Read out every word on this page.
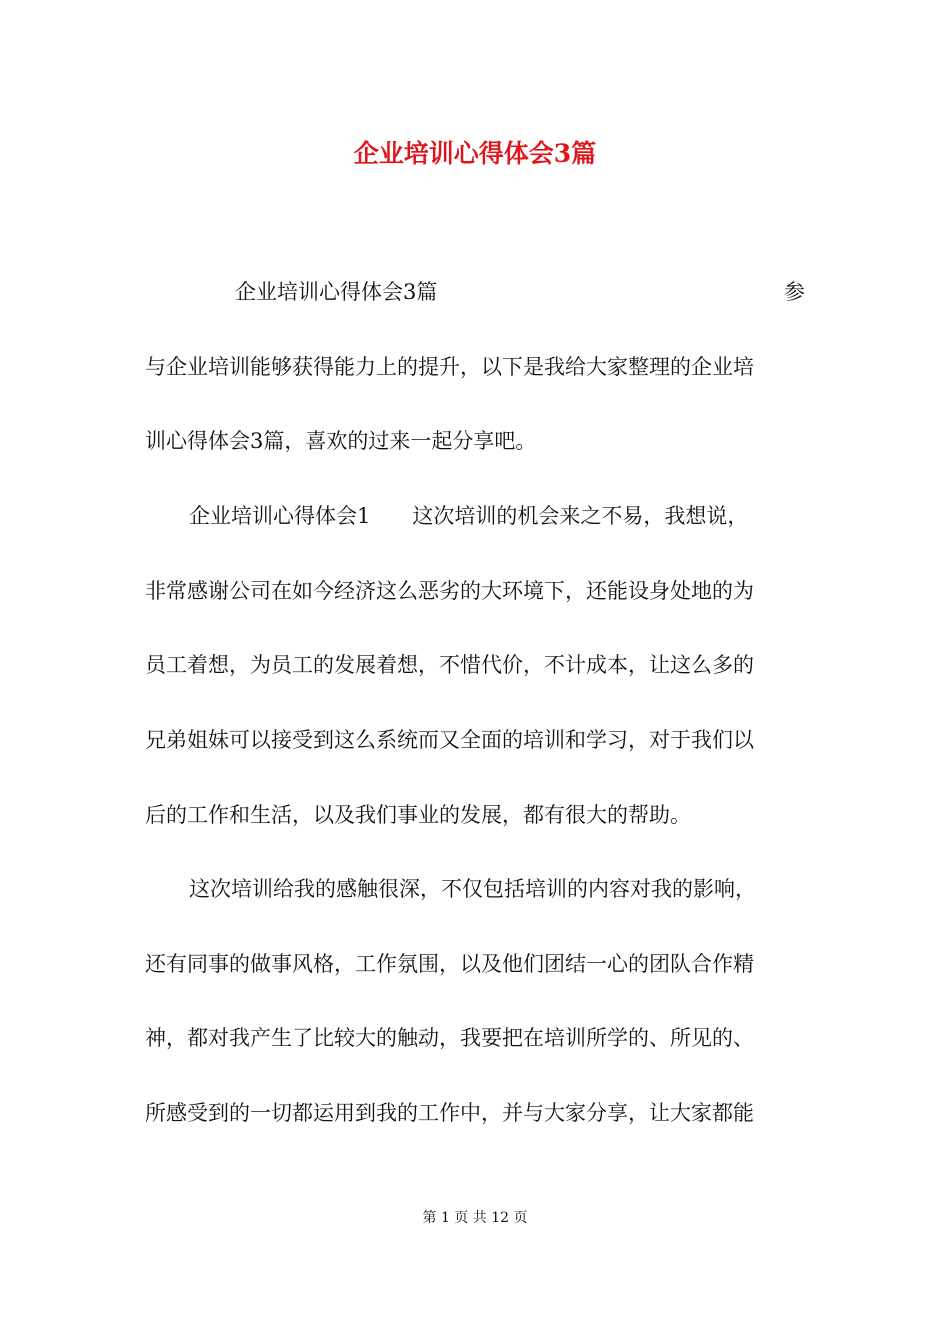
企业培训心得体会3篇
企业培训心得体会3篇	参
与企业培训能够获得能力上的提升，以下是我给大家整理的企业培
训心得体会3篇，喜欢的过来一起分享吧。
企业培训心得体会1　　这次培训的机会来之不易，我想说，
非常感谢公司在如今经济这么恶劣的大环境下，还能设身处地的为
员工着想，为员工的发展着想，不惜代价，不计成本，让这么多的
兄弟姐妹可以接受到这么系统而又全面的培训和学习，对于我们以
后的工作和生活，以及我们事业的发展，都有很大的帮助。
这次培训给我的感触很深，不仅包括培训的内容对我的影响，
还有同事的做事风格，工作氛围，以及他们团结一心的团队合作精
神，都对我产生了比较大的触动，我要把在培训所学的、所见的、
所感受到的一切都运用到我的工作中，并与大家分享，让大家都能
第 1 页 共 12 页
